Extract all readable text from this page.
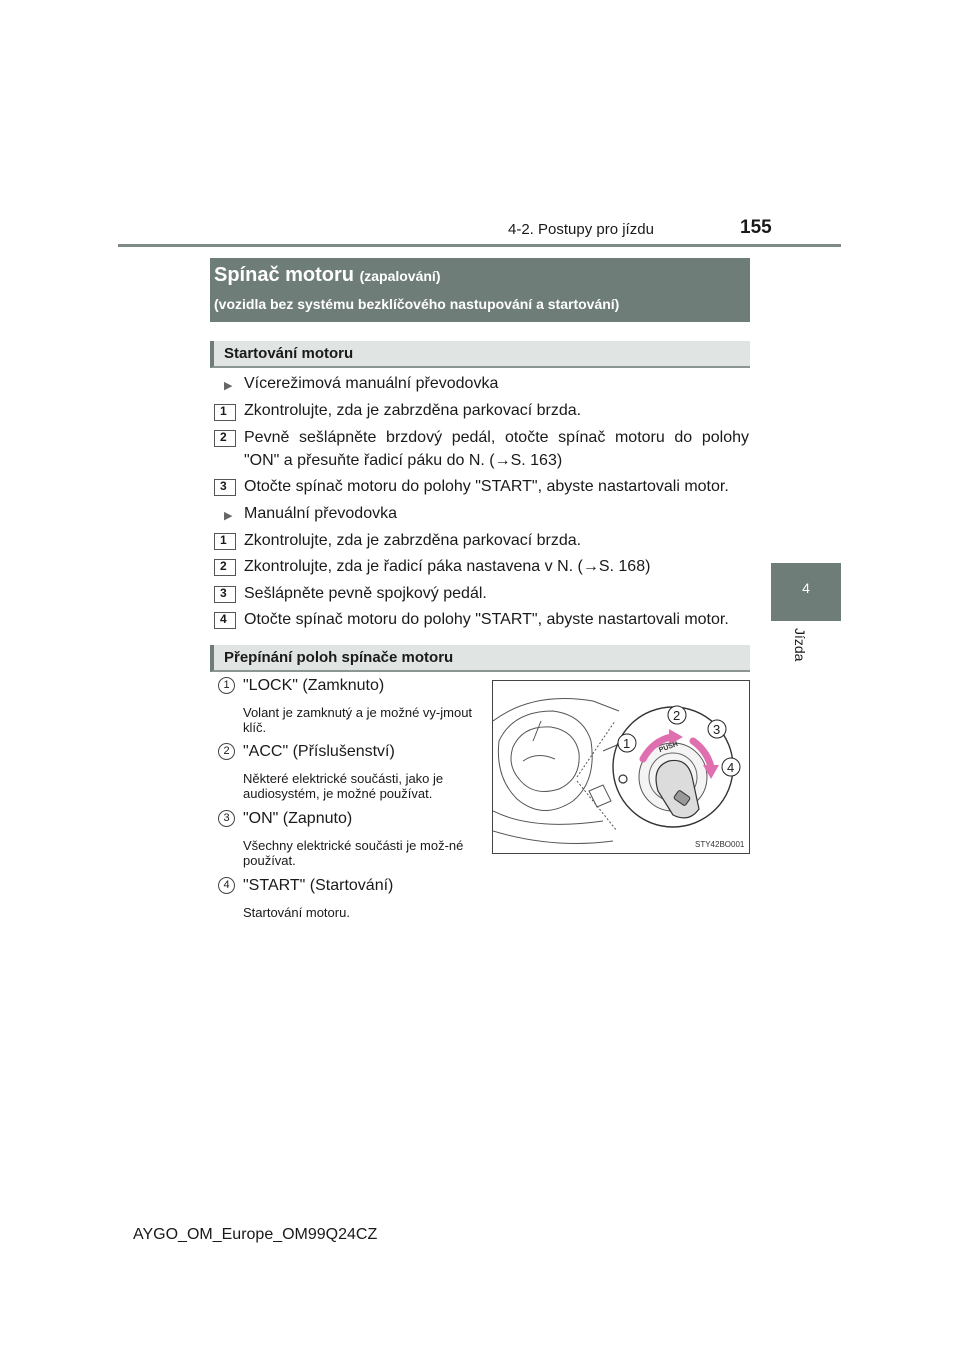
4-2. Postupy pro jízdu	155
4
Jízda
Spínač motoru (zapalování)
(vozidla bez systému bezklíčového nastupování a startování)
Startování motoru
▶ Vícerežimová manuální převodovka
1 Zkontrolujte, zda je zabrzděna parkovací brzda.
2 Pevně sešlápněte brzdový pedál, otočte spínač motoru do polohy
"ON" a přesuňte řadicí páku do N. (→S. 163)
3 Otočte spínač motoru do polohy "START", abyste nastartovali motor.
▶ Manuální převodovka
1 Zkontrolujte, zda je zabrzděna parkovací brzda.
2 Zkontrolujte, zda je řadicí páka nastavena v N. (→S. 168)
3 Sešlápněte pevně spojkový pedál.
4 Otočte spínač motoru do polohy "START", abyste nastartovali motor.
Přepínání poloh spínače motoru
1 "LOCK" (Zamknuto)
Volant je zamknutý a je možné vy-jmout klíč.
2 "ACC" (Příslušenství)
Některé elektrické součásti, jako je audiosystém, je možné používat.
3 "ON" (Zapnuto)
Všechny elektrické součásti je mož-né používat.
4 "START" (Startování)
Startování motoru.
PUSH
1
2
3
4
STY42BO001
AYGO_OM_Europe_OM99Q24CZ
